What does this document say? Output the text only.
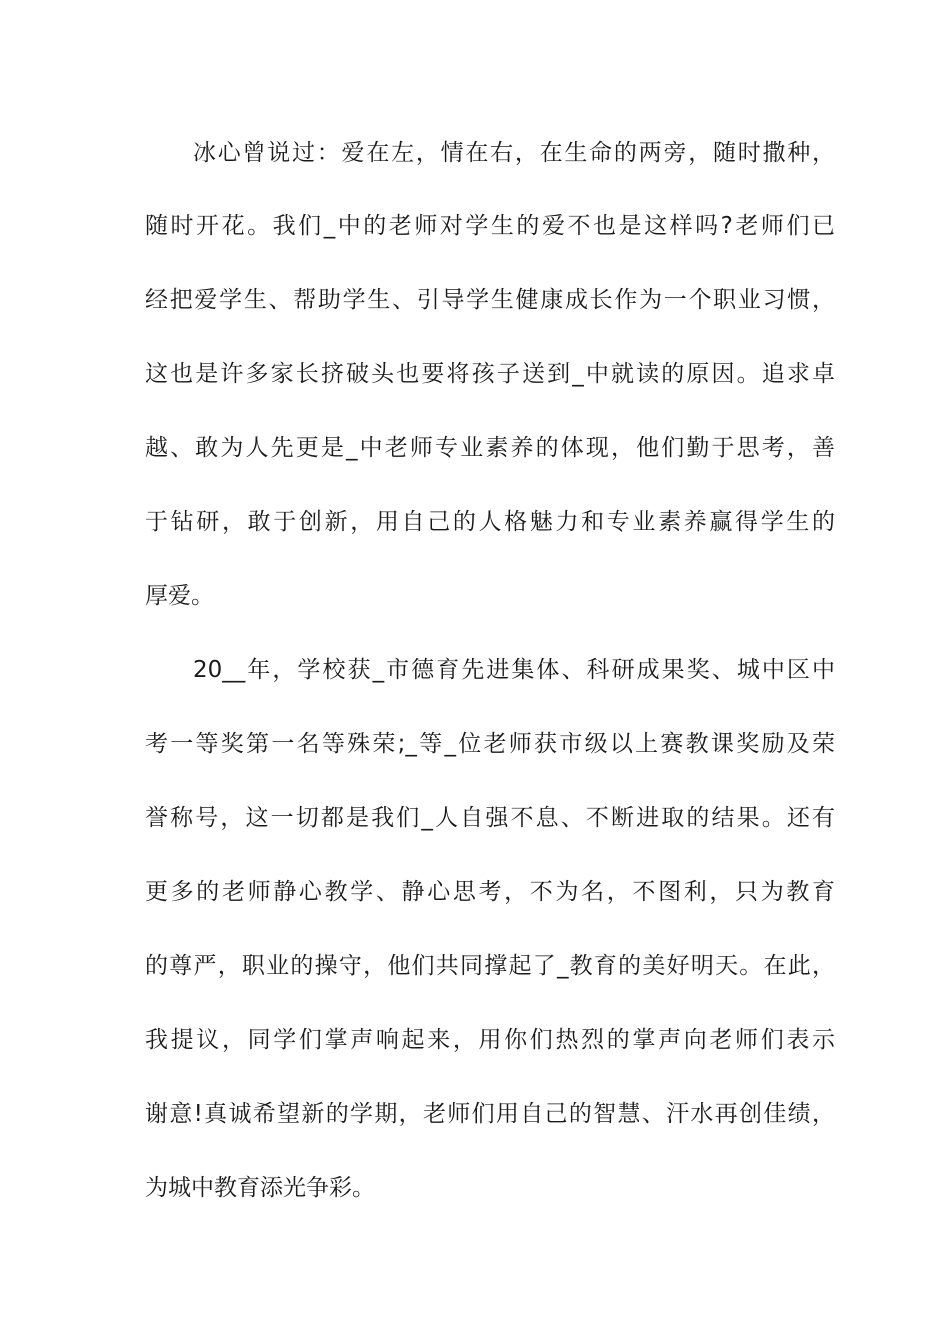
冰心曾说过：爱在左，情在右，在生命的两旁，随时撒种，
随时开花。我们_中的老师对学生的爱不也是这样吗?老师们已
经把爱学生、帮助学生、引导学生健康成长作为一个职业习惯，
这也是许多家长挤破头也要将孩子送到_中就读的原因。追求卓
越、敢为人先更是_中老师专业素养的体现，他们勤于思考，善
于钻研，敢于创新，用自己的人格魅力和专业素养赢得学生的
厚爱。
20__年，学校获_市德育先进集体、科研成果奖、城中区中
考一等奖第一名等殊荣;_等_位老师获市级以上赛教课奖励及荣
誉称号，这一切都是我们_人自强不息、不断进取的结果。还有
更多的老师静心教学、静心思考，不为名，不图利，只为教育
的尊严，职业的操守，他们共同撑起了_教育的美好明天。在此，
我提议，同学们掌声响起来，用你们热烈的掌声向老师们表示
谢意!真诚希望新的学期，老师们用自己的智慧、汗水再创佳绩，
为城中教育添光争彩。
